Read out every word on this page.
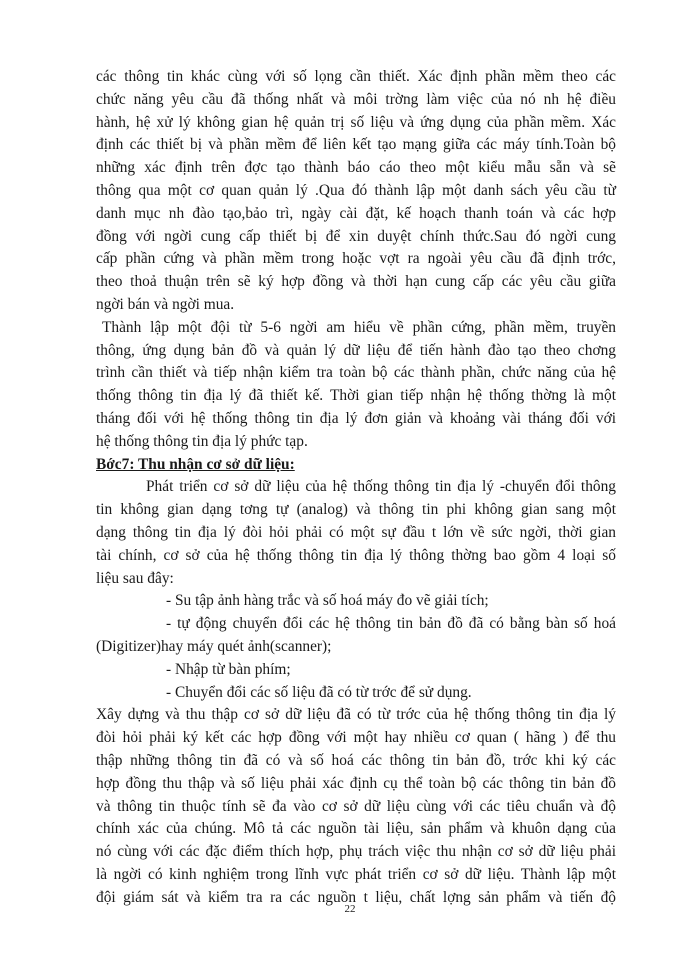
các thông tin khác cùng với số lọng cần thiết. Xác định phần mềm theo các
chức năng yêu cầu đã thống nhất và môi trờng làm việc của nó nh hệ điều
hành, hệ xử lý không gian hệ quản trị số liệu và ứng dụng của phần mềm. Xác
định các thiết bị và phần mềm để liên kết tạo mạng giữa các máy tính.Toàn bộ
những xác định trên đợc tạo thành báo cáo theo một kiểu mẫu sẵn và sẽ
thông qua một cơ quan quản lý .Qua đó thành lập một danh sách yêu cầu từ
danh mục nh đào tạo,bảo trì, ngày cài đặt, kế hoạch thanh toán và các hợp
đồng với ngời cung cấp thiết bị để xin duyệt chính thức.Sau đó ngời cung
cấp phần cứng và phần mềm trong hoặc vợt ra ngoài yêu cầu đã định trớc,
theo thoả thuận trên sẽ ký hợp đồng và thời hạn cung cấp các yêu cầu giữa
ngời bán và ngời mua.
Thành lập một đội từ 5-6 ngời am hiểu về phần cứng, phần mềm, truyền
thông, ứng dụng bản đồ và quản lý dữ liệu để tiến hành đào tạo theo chơng
trình cần thiết và tiếp nhận kiểm tra toàn bộ các thành phần, chức năng của hệ
thống thông tin địa lý đã thiết kế. Thời gian tiếp nhận hệ thống thờng là một
tháng đối với hệ thống thông tin địa lý đơn giản và khoảng vài tháng đối với
hệ thống thông tin địa lý phức tạp.
Bớc7: Thu nhận cơ sở dữ liệu:
Phát triển cơ sở dữ liệu của hệ thống thông tin địa lý -chuyển đổi thông
tin không gian dạng tơng tự (analog) và thông tin phi không gian sang một
dạng thông tin địa lý đòi hỏi phải có một sự đầu t lớn về sức ngời, thời gian
tài chính, cơ sở của hệ thống thông tin địa lý thông thờng bao gồm 4 loại số
liệu sau đây:
- Su tập ảnh hàng trắc và số hoá máy đo vẽ giải tích;
- tự động chuyển đổi các hệ thông tin bản đồ đã có bằng bàn số hoá
(Digitizer)hay máy quét ảnh(scanner);
- Nhập từ bàn phím;
- Chuyển đổi các số liệu đã có từ trớc để sử dụng.
Xây dựng và thu thập cơ sở dữ liệu đã có từ trớc của hệ thống thông tin địa lý
đòi hỏi phải ký kết các hợp đồng với một hay nhiều cơ quan ( hãng ) để thu
thập những thông tin đã có và số hoá các thông tin bản đồ, trớc khi ký các
hợp đồng thu thập và số liệu phải xác định cụ thể toàn bộ các thông tin bản đồ
và thông tin thuộc tính sẽ đa vào cơ sở dữ liệu cùng với các tiêu chuẩn và độ
chính xác của chúng. Mô tả các nguồn tài liệu, sản phẩm và khuôn dạng của
nó cùng với các đặc điểm thích hợp, phụ trách việc thu nhận cơ sở dữ liệu phải
là ngời có kinh nghiệm trong lĩnh vực phát triển cơ sở dữ liệu. Thành lập một
đội giám sát và kiểm tra ra các nguồn t liệu, chất lợng sản phẩm và tiến độ
22
